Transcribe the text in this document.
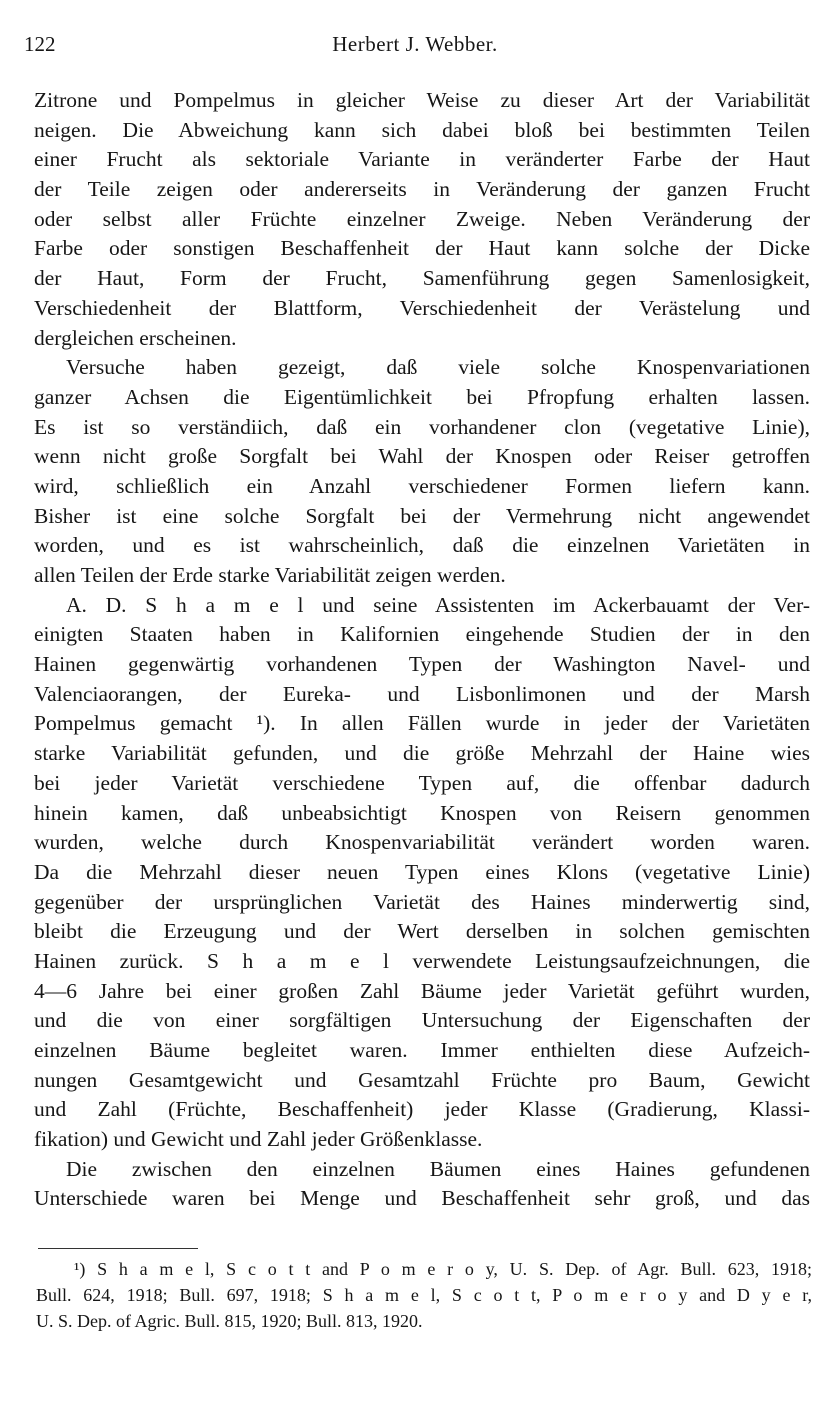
122	Herbert J. Webber.
Zitrone und Pompelmus in gleicher Weise zu dieser Art der Variabilität
neigen. Die Abweichung kann sich dabei bloß bei bestimmten Teilen
einer Frucht als sektoriale Variante in veränderter Farbe der Haut
der Teile zeigen oder andererseits in Veränderung der ganzen Frucht
oder selbst aller Früchte einzelner Zweige. Neben Veränderung der
Farbe oder sonstigen Beschaffenheit der Haut kann solche der Dicke
der Haut, Form der Frucht, Samenführung gegen Samenlosigkeit,
Verschiedenheit der Blattform, Verschiedenheit der Verästelung und
dergleichen erscheinen.
Versuche haben gezeigt, daß viele solche Knospenvariationen
ganzer Achsen die Eigentümlichkeit bei Pfropfung erhalten lassen.
Es ist so verständiich, daß ein vorhandener clon (vegetative Linie),
wenn nicht große Sorgfalt bei Wahl der Knospen oder Reiser getroffen
wird, schließlich ein Anzahl verschiedener Formen liefern kann.
Bisher ist eine solche Sorgfalt bei der Vermehrung nicht angewendet
worden, und es ist wahrscheinlich, daß die einzelnen Varietäten in
allen Teilen der Erde starke Variabilität zeigen werden.
A. D. S h a m e l und seine Assistenten im Ackerbauamt der Ver-
einigten Staaten haben in Kalifornien eingehende Studien der in den
Hainen gegenwärtig vorhandenen Typen der Washington Navel- und
Valenciaorangen, der Eureka- und Lisbonlimonen und der Marsh
Pompelmus gemacht ¹). In allen Fällen wurde in jeder der Varietäten
starke Variabilität gefunden, und die größe Mehrzahl der Haine wies
bei jeder Varietät verschiedene Typen auf, die offenbar dadurch
hinein kamen, daß unbeabsichtigt Knospen von Reisern genommen
wurden, welche durch Knospenvariabilität verändert worden waren.
Da die Mehrzahl dieser neuen Typen eines Klons (vegetative Linie)
gegenüber der ursprünglichen Varietät des Haines minderwertig sind,
bleibt die Erzeugung und der Wert derselben in solchen gemischten
Hainen zurück. S h a m e l verwendete Leistungsaufzeichnungen, die
4—6 Jahre bei einer großen Zahl Bäume jeder Varietät geführt wurden,
und die von einer sorgfältigen Untersuchung der Eigenschaften der
einzelnen Bäume begleitet waren. Immer enthielten diese Aufzeich-
nungen Gesamtgewicht und Gesamtzahl Früchte pro Baum, Gewicht
und Zahl (Früchte, Beschaffenheit) jeder Klasse (Gradierung, Klassi-
fikation) und Gewicht und Zahl jeder Größenklasse.
Die zwischen den einzelnen Bäumen eines Haines gefundenen
Unterschiede waren bei Menge und Beschaffenheit sehr groß, und das
¹) S h a m e l, S c o t t and P o m e r o y, U. S. Dep. of Agr. Bull. 623, 1918;
Bull. 624, 1918; Bull. 697, 1918; S h a m e l, S c o t t, P o m e r o y and D y e r,
U. S. Dep. of Agric. Bull. 815, 1920; Bull. 813, 1920.
